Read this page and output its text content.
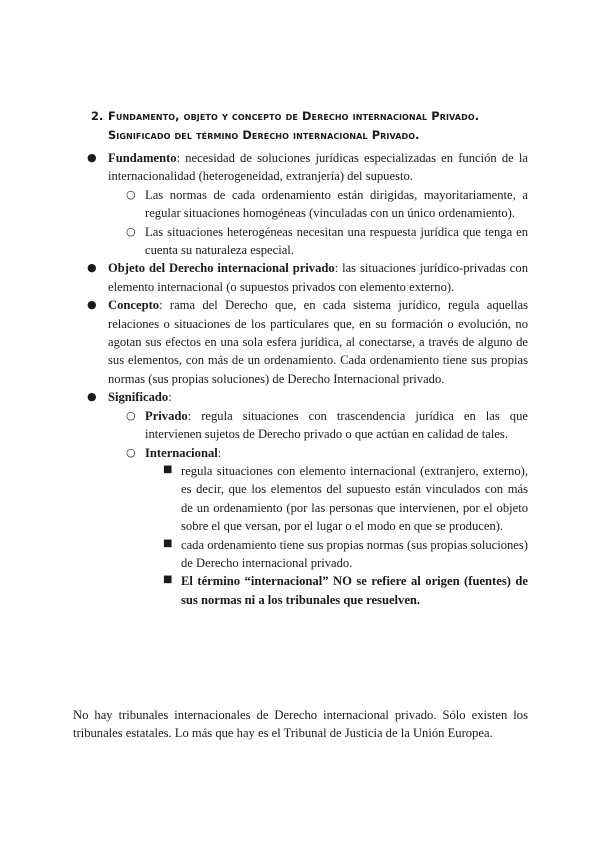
2. Fundamento, objeto y concepto de Derecho internacional Privado.
Significado del término Derecho internacional Privado.
● Fundamento: necesidad de soluciones jurídicas especializadas en función de la internacionalidad (heterogeneidad, extranjería) del supuesto.
○ Las normas de cada ordenamiento están dirigidas, mayoritariamente, a regular situaciones homogéneas (vinculadas con un único ordenamiento).
○ Las situaciones heterogéneas necesitan una respuesta jurídica que tenga en cuenta su naturaleza especial.
● Objeto del Derecho internacional privado: las situaciones jurídico-privadas con elemento internacional (o supuestos privados con elemento externo).
● Concepto: rama del Derecho que, en cada sistema jurídico, regula aquellas relaciones o situaciones de los particulares que, en su formación o evolución, no agotan sus efectos en una sola esfera jurídica, al conectarse, a través de alguno de sus elementos, con más de un ordenamiento. Cada ordenamiento tiene sus propias normas (sus propias soluciones) de Derecho Internacional privado.
● Significado:
○ Privado: regula situaciones con trascendencia jurídica en las que intervienen sujetos de Derecho privado o que actúan en calidad de tales.
○ Internacional:
■ regula situaciones con elemento internacional (extranjero, externo), es decir, que los elementos del supuesto están vinculados con más de un ordenamiento (por las personas que intervienen, por el objeto sobre el que versan, por el lugar o el modo en que se producen).
■ cada ordenamiento tiene sus propias normas (sus propias soluciones) de Derecho internacional privado.
■ El término “internacional” NO se refiere al origen (fuentes) de sus normas ni a los tribunales que resuelven.

No hay tribunales internacionales de Derecho internacional privado. Sólo existen los tribunales estatales. Lo más que hay es el Tribunal de Justicia de la Unión Europea.
